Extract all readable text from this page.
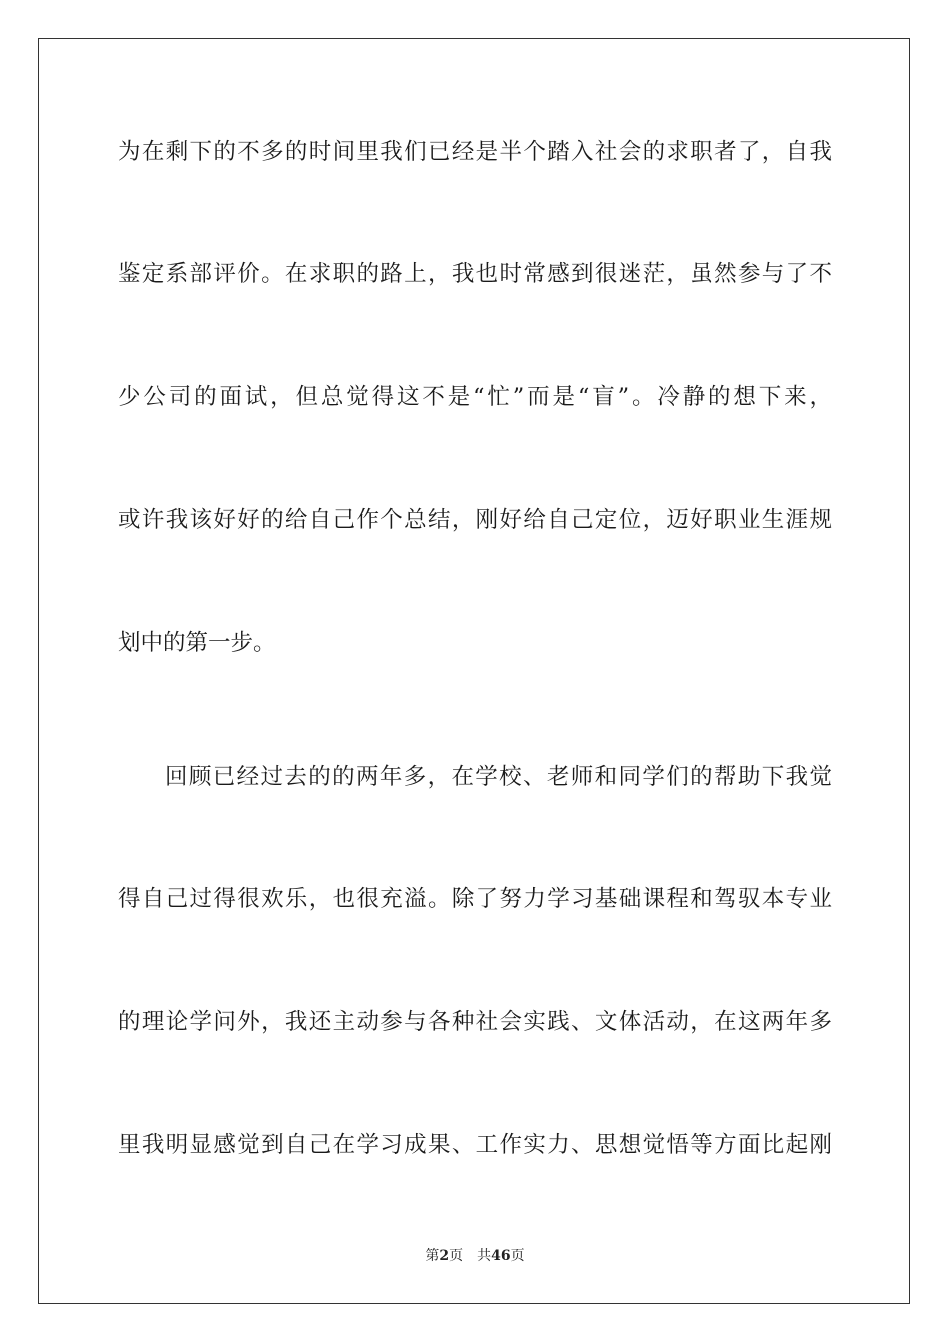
为在剩下的不多的时间里我们已经是半个踏入社会的求职者了，自我
鉴定系部评价。在求职的路上，我也时常感到很迷茫，虽然参与了不
少公司的面试，但总觉得这不是“忙”而是“盲”。冷静的想下来，
或许我该好好的给自己作个总结，刚好给自己定位，迈好职业生涯规
划中的第一步。
回顾已经过去的的两年多，在学校、老师和同学们的帮助下我觉
得自己过得很欢乐，也很充溢。除了努力学习基础课程和驾驭本专业
的理论学问外，我还主动参与各种社会实践、文体活动，在这两年多
里我明显感觉到自己在学习成果、工作实力、思想觉悟等方面比起刚
第2页 共46页
